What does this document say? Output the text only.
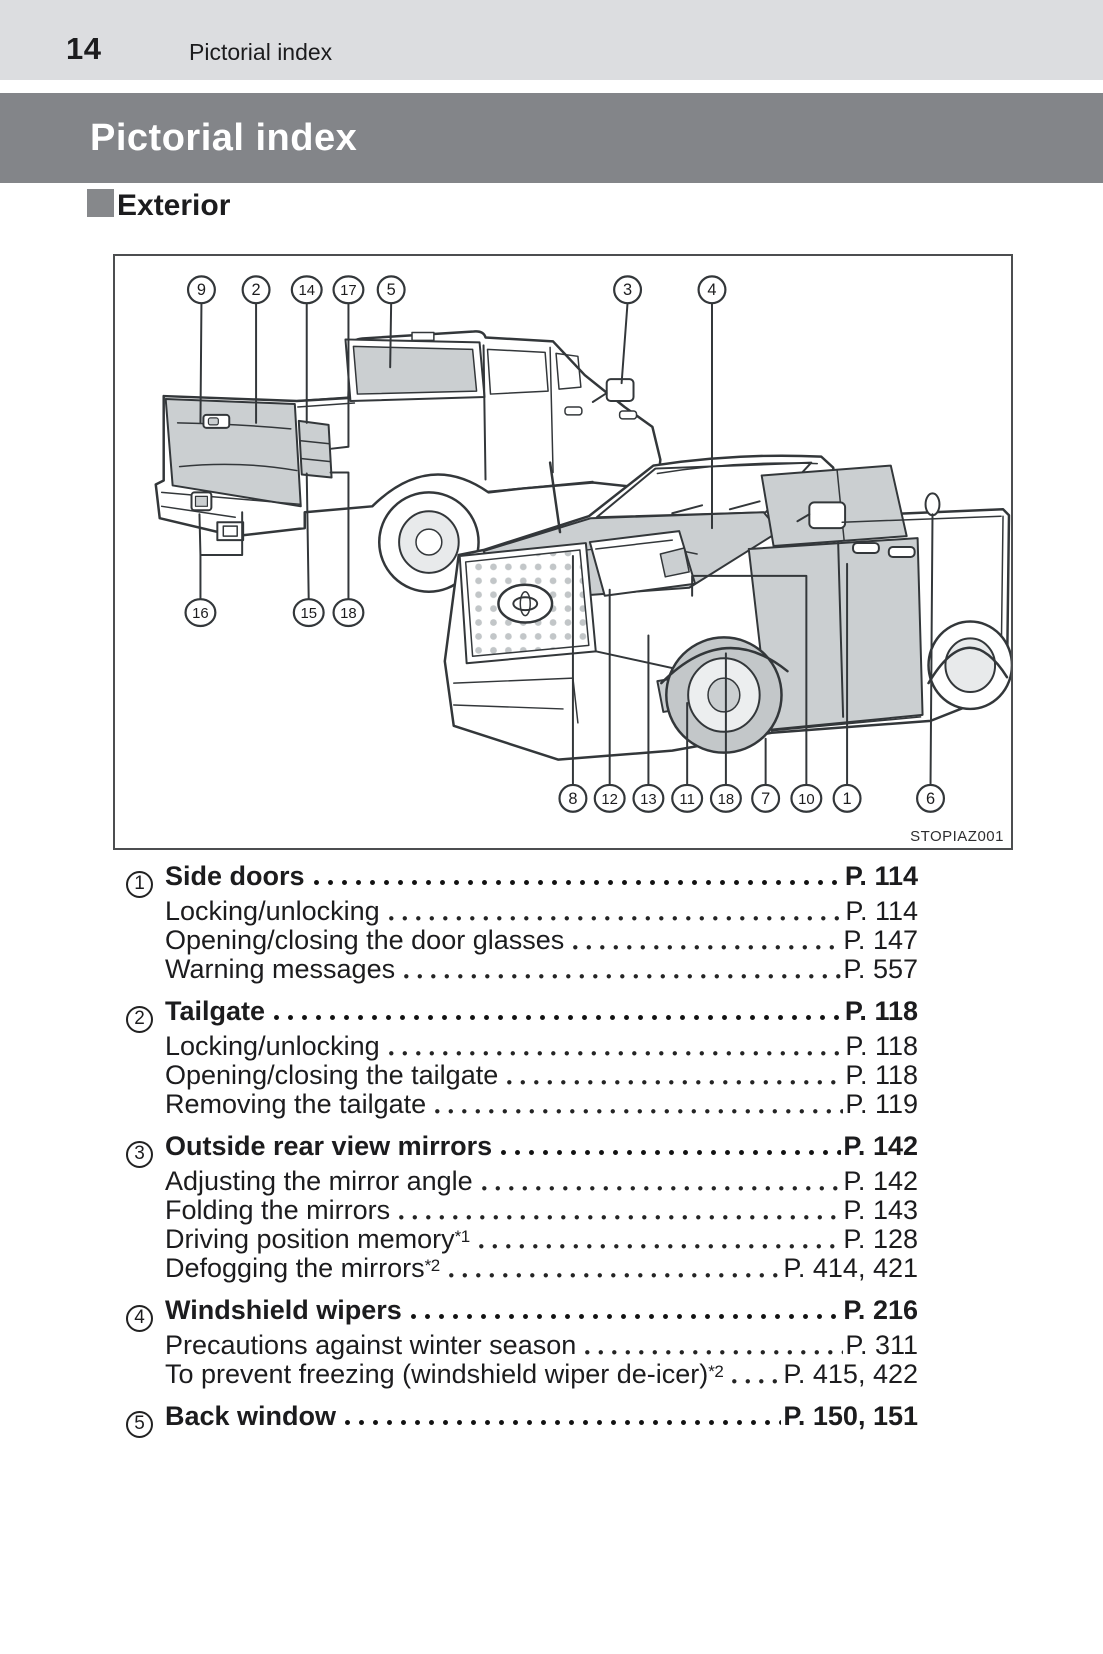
14	Pictorial index
Pictorial index
Exterior
9	2	14 17 5	3	4
16	15 18
8 12 13 11 18 7 10 1	6
STOPIAZ001
1 Side doors	P. 114
Locking/unlocking	P. 114
Opening/closing the door glasses	P. 147
Warning messages	P. 557
2 Tailgate	P. 118
Locking/unlocking	P. 118
Opening/closing the tailgate	P. 118
Removing the tailgate	P. 119
3 Outside rear view mirrors	P. 142
Adjusting the mirror angle	P. 142
Folding the mirrors	P. 143
Driving position memory$^{*1}$	P. 128
Defogging the mirrors$^{*2}$	P. 414, 421
4 Windshield wipers	P. 216
Precautions against winter season	P. 311
To prevent freezing (windshield wiper de-icer)$^{*2}$ P. 415, 422
5 Back window	P. 150, 151
